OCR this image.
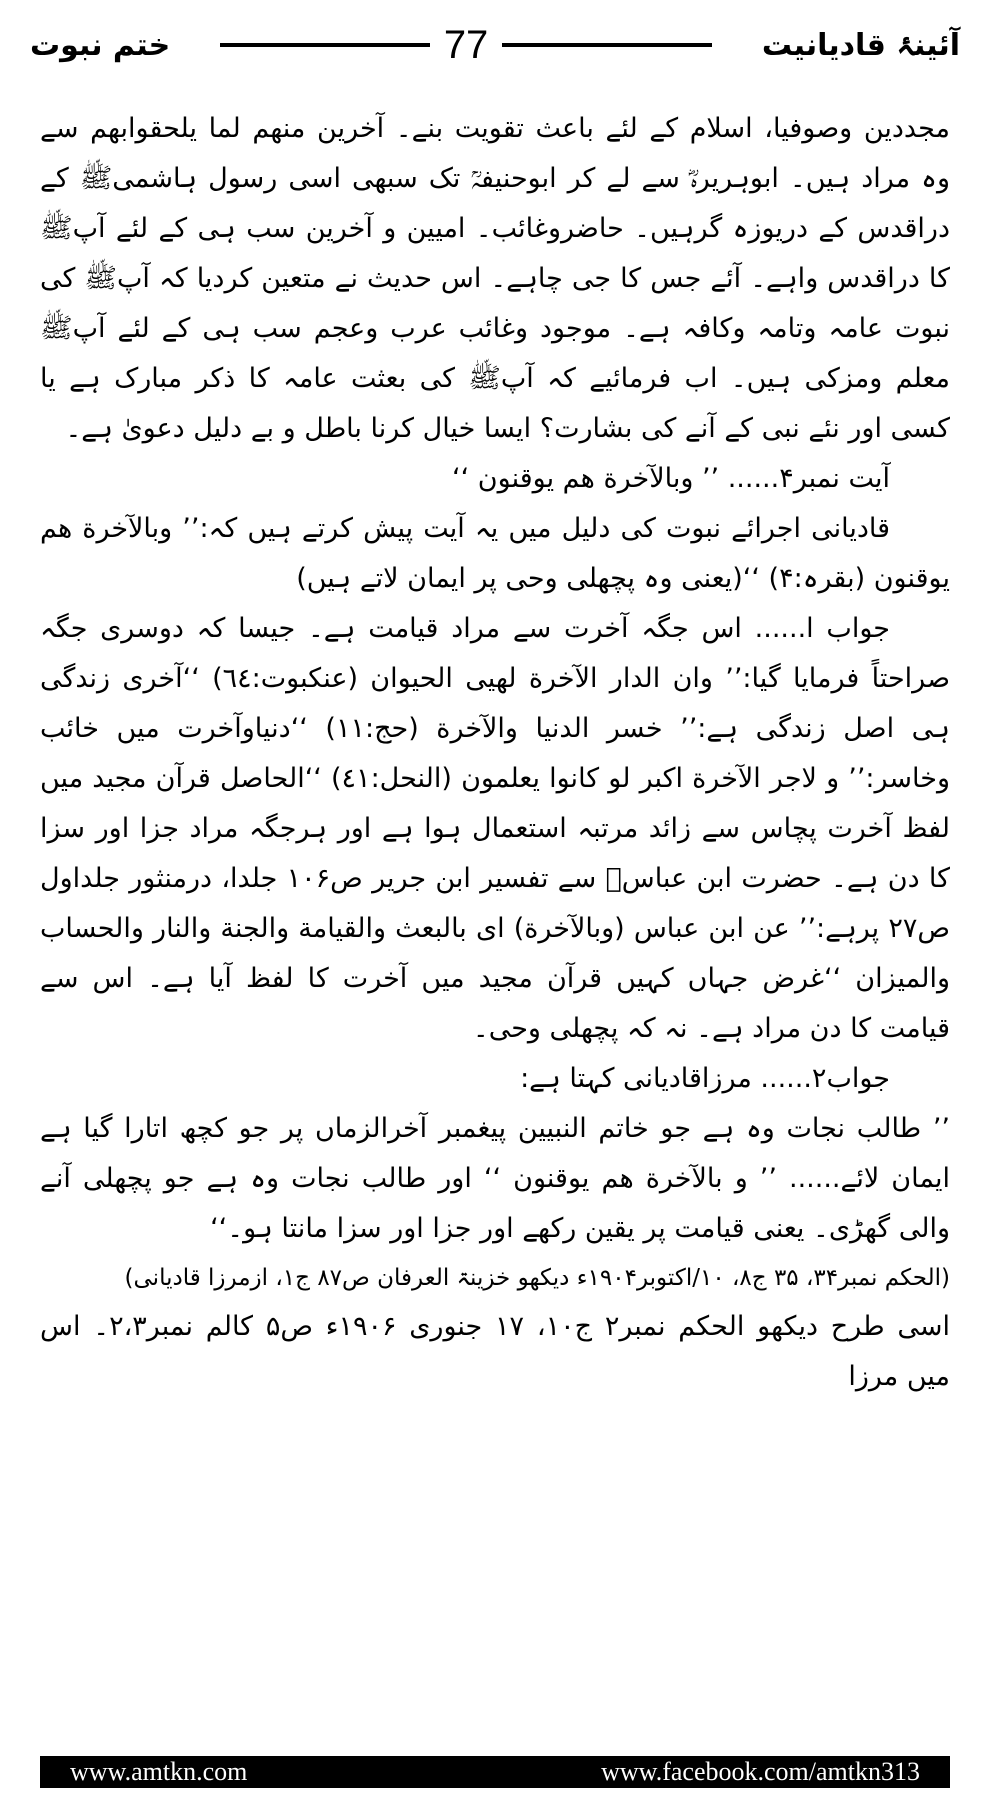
ختم نبوت	77	آئینۂ قادیانیت

مجددین وصوفیا، اسلام کے لئے باعث تقویت بنے۔ آخرین منھم لما یلحقوابھم سے وہ مراد ہیں۔ ابوہریرہؓ سے لے کر ابوحنیفہؒ تک سبھی اسی رسول ہاشمیﷺ کے دراقدس کے دریوزہ گرہیں۔ حاضروغائب۔ امیین و آخرین سب ہی کے لئے آپﷺ کا دراقدس واہے۔ آئے جس کا جی چاہے۔ اس حدیث نے متعین کردیا کہ آپﷺ کی نبوت عامہ وتامہ وکافہ ہے۔ موجود وغائب عرب وعجم سب ہی کے لئے آپﷺ معلم ومزکی ہیں۔ اب فرمائیے کہ آپﷺ کی بعثت عامہ کا ذکر مبارک ہے یا کسی اور نئے نبی کے آنے کی بشارت؟ ایسا خیال کرنا باطل و بے دلیل دعویٰ ہے۔

آیت نمبر۴...... ’’ وبالآخرة هم يوقنون ‘‘

قادیانی اجرائے نبوت کی دلیل میں یہ آیت پیش کرتے ہیں کہ:’’ وبالآخرة هم يوقنون (بقرہ:۴) ‘‘(یعنی وہ پچھلی وحی پر ایمان لاتے ہیں)

جواب ا...... اس جگہ آخرت سے مراد قیامت ہے۔ جیسا کہ دوسری جگہ صراحتاً فرمایا گیا:’’ وان الدار الآخرة لهيى الحيوان (عنكبوت:٦٤) ‘‘آخری زندگی ہی اصل زندگی ہے:’’ خسر الدنيا والآخرة (حج:١١) ‘‘دنیاوآخرت میں خائب وخاسر:’’ و لاجر الآخرة اكبر لو كانوا يعلمون (النحل:٤١) ‘‘الحاصل قرآن مجید میں لفظ آخرت پچاس سے زائد مرتبہ استعمال ہوا ہے اور ہرجگہ مراد جزا اور سزا کا دن ہے۔ حضرت ابن عباسؓ سے تفسیر ابن جریر ص۱۰۶ جلدا، درمنثور جلداول ص۲۷ پرہے:’’ عن ابن عباس (وبالآخرة) اى بالبعث والقيامة والجنة والنار والحساب والميزان ‘‘غرض جہاں کہیں قرآن مجید میں آخرت کا لفظ آیا ہے۔ اس سے قیامت کا دن مراد ہے۔ نہ کہ پچھلی وحی۔

جواب۲...... مرزاقادیانی کہتا ہے:

’’ طالب نجات وہ ہے جو خاتم النبیین پیغمبر آخرالزماں پر جو کچھ اتارا گیا ہے ایمان لائے...... ’’ و بالآخرة هم يوقنون ‘‘ اور طالب نجات وہ ہے جو پچھلی آنے والی گھڑی۔ یعنی قیامت پر یقین رکھے اور جزا اور سزا مانتا ہو۔‘‘

(الحکم نمبر۳۴، ۳۵ ج۸، ۱۰/اکتوبر۱۹۰۴ء دیکھو خزینۃ العرفان ص۸۷ ج۱، ازمرزا قادیانی)

اسی طرح دیکھو الحکم نمبر۲ ج۱۰، ۱۷ جنوری ۱۹۰۶ء ص۵ کالم نمبر۲،۳۔ اس میں مرزا

www.amtkn.com	www.facebook.com/amtkn313
